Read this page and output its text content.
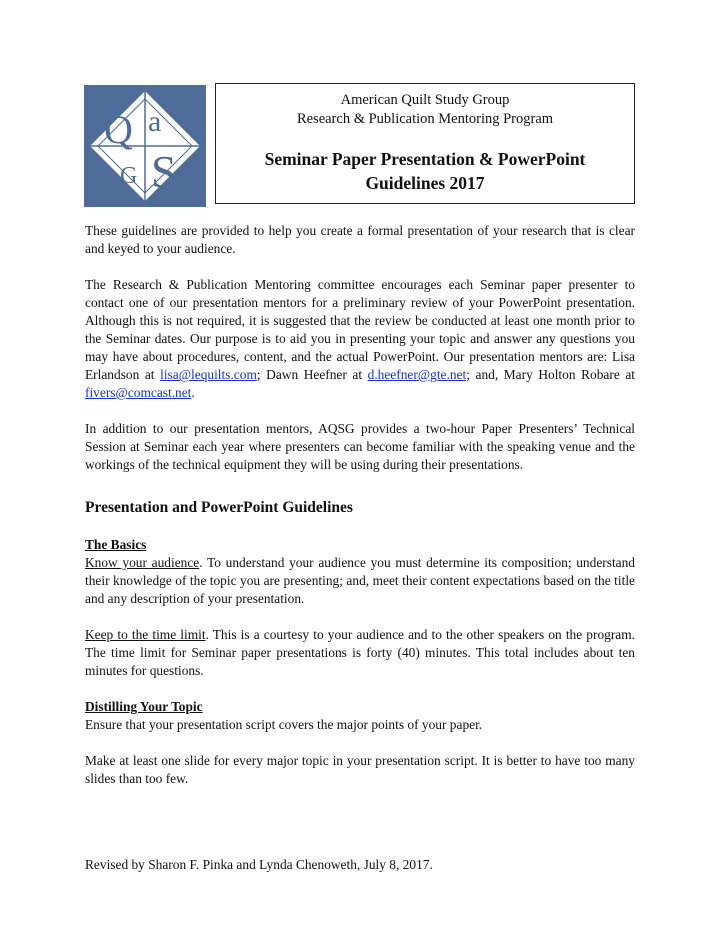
Q a
S
G
American Quilt Study Group
Research & Publication Mentoring Program
Seminar Paper Presentation & PowerPoint
Guidelines 2017

These guidelines are provided to help you create a formal presentation of your research that is clear and keyed to your audience.

The Research & Publication Mentoring committee encourages each Seminar paper presenter to contact one of our presentation mentors for a preliminary review of your PowerPoint presentation. Although this is not required, it is suggested that the review be conducted at least one month prior to the Seminar dates. Our purpose is to aid you in presenting your topic and answer any questions you may have about procedures, content, and the actual PowerPoint. Our presentation mentors are: Lisa Erlandson at lisa@lequilts.com; Dawn Heefner at d.heefner@gte.net; and, Mary Holton Robare at fivers@comcast.net.

In addition to our presentation mentors, AQSG provides a two-hour Paper Presenters’ Technical Session at Seminar each year where presenters can become familiar with the speaking venue and the workings of the technical equipment they will be using during their presentations.

Presentation and PowerPoint Guidelines
The Basics

Know your audience. To understand your audience you must determine its composition; understand their knowledge of the topic you are presenting; and, meet their content expectations based on the title and any description of your presentation.

Keep to the time limit. This is a courtesy to your audience and to the other speakers on the program. The time limit for Seminar paper presentations is forty (40) minutes. This total includes about ten minutes for questions.

Distilling Your Topic

Ensure that your presentation script covers the major points of your paper.

Make at least one slide for every major topic in your presentation script. It is better to have too many slides than too few.

Revised by Sharon F. Pinka and Lynda Chenoweth, July 8, 2017.
